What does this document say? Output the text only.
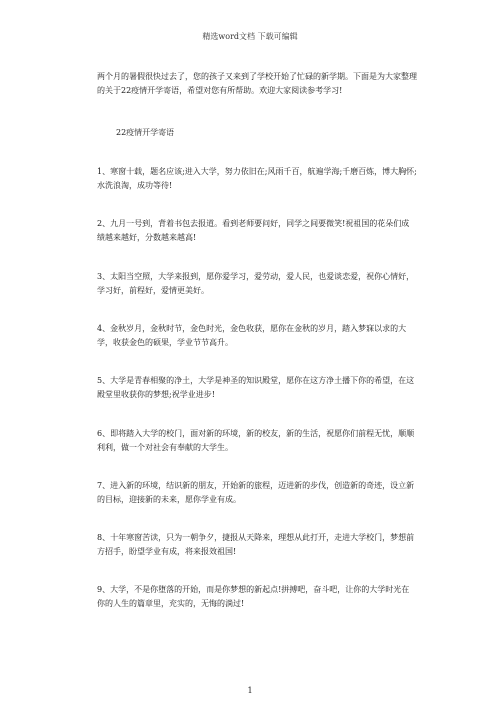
精选word文档 下载可编辑
两个月的暑假很快过去了，您的孩子又来到了学校开始了忙碌的新学期。下面是为大家整理的关于22疫情开学寄语，希望对您有所帮助。欢迎大家阅读参考学习!
22疫情开学寄语
1、寒窗十载，题名应该;进入大学，努力依旧在;风雨千百，航遍学海;千磨百炼，博大胸怀;水洗浪淘，成功等待!
2、九月一号到，背着书包去报道。看到老师要问好，同学之间要微笑!祝祖国的花朵们成绩越来越好，分数越来越高!
3、太阳当空照，大学来报到，愿你爱学习，爱劳动，爱人民，也爱谈恋爱，祝你心情好，学习好，前程好，爱情更美好。
4、金秋岁月，金秋时节，金色时光，金色收获，愿你在金秋的岁月，踏入梦寐以求的大学，收获金色的硕果，学业节节高升。
5、大学是青春相聚的净土，大学是神圣的知识殿堂，愿你在这方净土播下你的希望，在这殿堂里收获你的梦想;祝学业进步!
6、即将踏入大学的校门，面对新的环境，新的校友，新的生活，祝愿你们前程无忧，顺顺利利，做一个对社会有奉献的大学生。
7、进入新的环境，结识新的朋友，开始新的旅程，迈进新的步伐，创造新的奇迹，设立新的目标，迎接新的未来，愿你学业有成。
8、十年寒窗苦读，只为一朝争夕，捷报从天降来，理想从此打开，走进大学校门，梦想前方招手，盼望学业有成，将来报效祖国!
9、大学，不是你堕落的开始，而是你梦想的新起点!拼搏吧，奋斗吧，让你的大学时光在你的人生的篇章里，充实的，无悔的淌过!
1
